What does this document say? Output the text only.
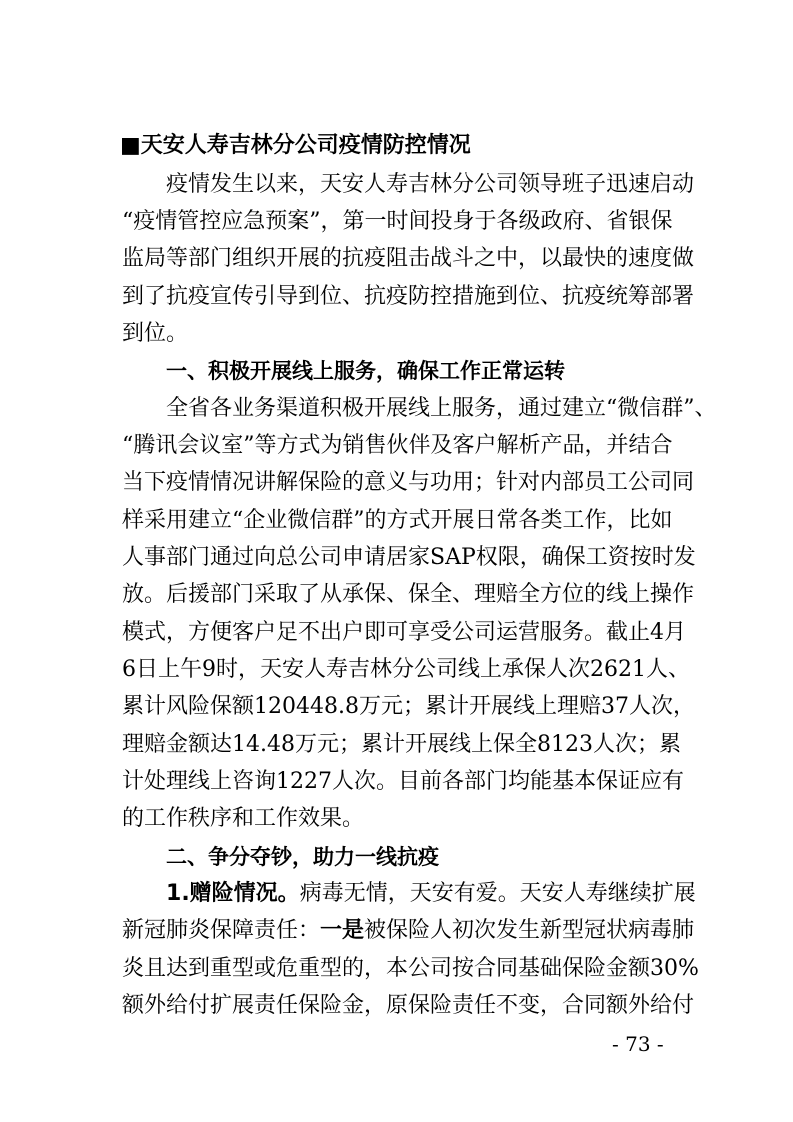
■天安人寿吉林分公司疫情防控情况
　　疫情发生以来，天安人寿吉林分公司领导班子迅速启动
“疫情管控应急预案”，第一时间投身于各级政府、省银保
监局等部门组织开展的抗疫阻击战斗之中，以最快的速度做
到了抗疫宣传引导到位、抗疫防控措施到位、抗疫统筹部署
到位。
一、积极开展线上服务，确保工作正常运转
　　全省各业务渠道积极开展线上服务，通过建立“微信群”、
“腾讯会议室”等方式为销售伙伴及客户解析产品，并结合
当下疫情情况讲解保险的意义与功用；针对内部员工公司同
样采用建立“企业微信群”的方式开展日常各类工作，比如
人事部门通过向总公司申请居家SAP权限，确保工资按时发
放。后援部门采取了从承保、保全、理赔全方位的线上操作
模式，方便客户足不出户即可享受公司运营服务。截止4月
6日上午9时，天安人寿吉林分公司线上承保人次2621人、
累计风险保额120448.8万元；累计开展线上理赔37人次，
理赔金额达14.48万元；累计开展线上保全8123人次；累
计处理线上咨询1227人次。目前各部门均能基本保证应有
的工作秩序和工作效果。
二、争分夺钞，助力一线抗疫
　　1.赠险情况。病毒无情，天安有爱。天安人寿继续扩展
新冠肺炎保障责任：一是被保险人初次发生新型冠状病毒肺
炎且达到重型或危重型的，本公司按合同基础保险金额30%
额外给付扩展责任保险金，原保险责任不变，合同额外给付
- 73 -
